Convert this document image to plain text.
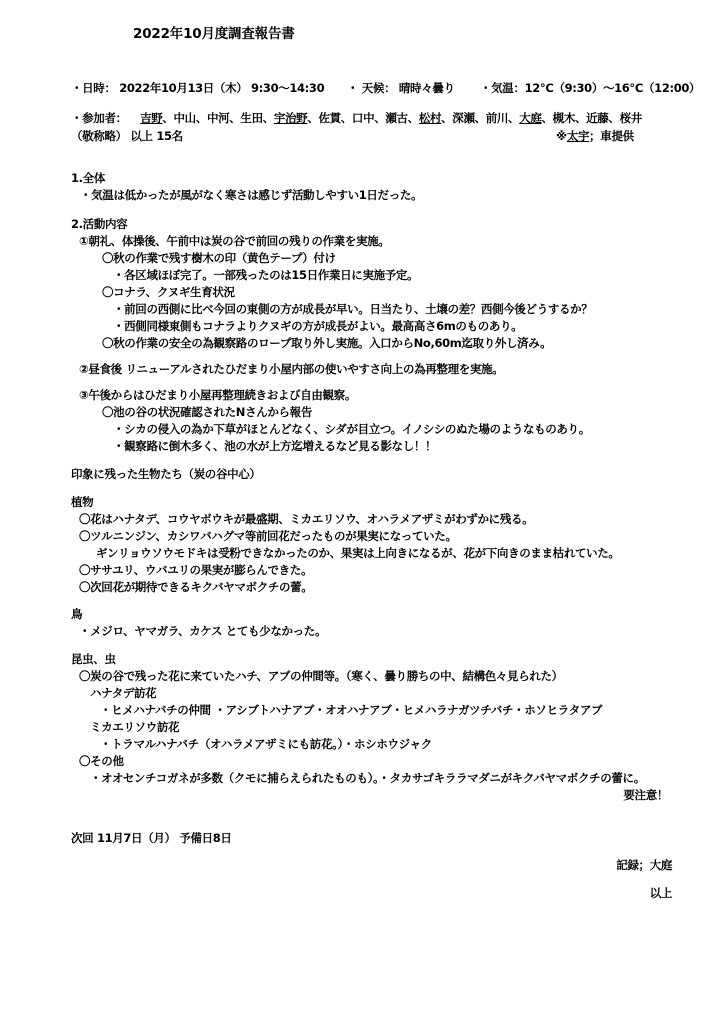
2022年10月度調査報告書
・日時： 2022年10月13日（木） 9:30～14:30 ・ 天候： 晴時々曇り ・気温：12℃（9:30）～16℃（12:00）
・参加者： 吉野、中山、中河、生田、宇治野、佐貫、口中、瀬古、松村、深瀬、前川、大庭、槻木、近藤、桜井
（敬称略） 以上 15名	※太宇；車提供
1.全体
・気温は低かったが風がなく寒さは感じず活動しやすい1日だった。
2.活動内容
①朝礼、体操後、午前中は炭の谷で前回の残りの作業を実施。
〇秋の作業で残す樹木の印（黄色テープ）付け
・各区域ほぼ完了。一部残ったのは15日作業日に実施予定。
〇コナラ、クヌギ生育状況
・前回の西側に比べ今回の東側の方が成長が早い。日当たり、土壌の差？西側今後どうするか？
・西側同様東側もコナラよりクヌギの方が成長がよい。最高高さ6mのものあり。
〇秋の作業の安全の為観察路のロープ取り外し実施。入口からNo,60m迄取り外し済み。
②昼食後 リニューアルされたひだまり小屋内部の使いやすさ向上の為再整理を実施。
③午後からはひだまり小屋再整理続きおよび自由観察。
〇池の谷の状況確認されたNさんから報告
・シカの侵入の為か下草がほとんどなく、シダが目立つ。イノシシのぬた場のようなものあり。
・観察路に倒木多く、池の水が上方迄増えるなど見る影なし！！
印象に残った生物たち（炭の谷中心）
植物
〇花はハナタデ、コウヤボウキが最盛期、ミカエリソウ、オハラメアザミがわずかに残る。
〇ツルニンジン、カシワバハグマ等前回花だったものが果実になっていた。
ギンリョウソウモドキは受粉できなかったのか、果実は上向きになるが、花が下向きのまま枯れていた。
〇ササユリ、ウバユリの果実が膨らんできた。
〇次回花が期待できるキクバヤマボクチの蕾。
鳥
・メジロ、ヤマガラ、カケス とても少なかった。
昆虫、虫
〇炭の谷で残った花に来ていたハチ、アブの仲間等。（寒く、曇り勝ちの中、結構色々見られた）
ハナタデ訪花
・ヒメハナバチの仲間 ・アシブトハナアブ・オオハナアブ・ヒメハラナガツチバチ・ホソヒラタアブ
ミカエリソウ訪花
・トラマルハナバチ（オハラメアザミにも訪花。）・ホシホウジャク
〇その他
・オオセンチコガネが多数（クモに捕らえられたものも）。・タカサゴキララマダニがキクバヤマボクチの蕾に。
要注意！
次回 11月7日（月） 予備日8日
記録；大庭
以上
